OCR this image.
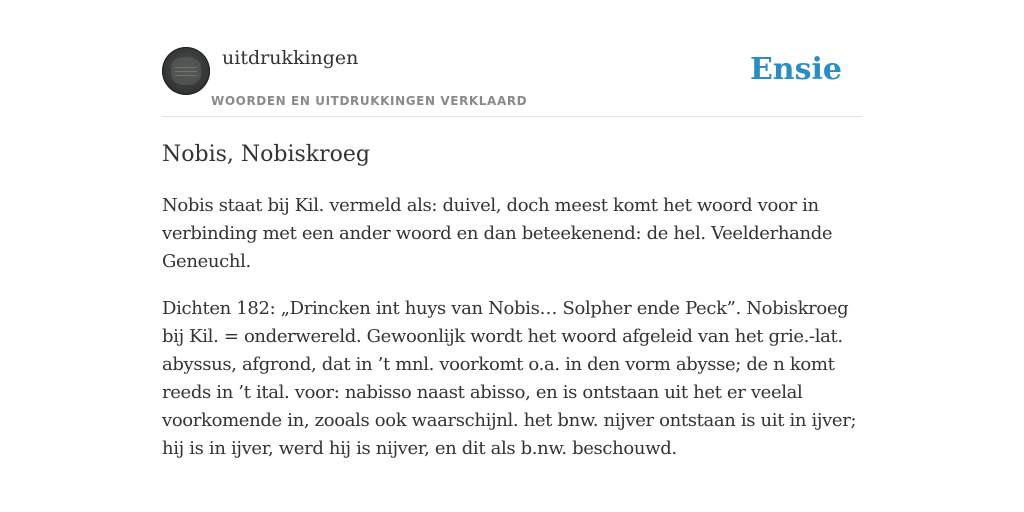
uitdrukkingen
WOORDEN EN UITDRUKKINGEN VERKLAARD
Ensie
Nobis, Nobiskroeg

Nobis staat bij Kil. vermeld als: duivel, doch meest komt het woord voor in verbinding met een ander woord en dan beteekenend: de hel. Veelderhande Geneuchl.

Dichten 182: „Drincken int huys van Nobis… Solpher ende Peck”. Nobiskroeg bij Kil. = onderwereld. Gewoonlijk wordt het woord afgeleid van het grie.-lat. abyssus, afgrond, dat in ’t mnl. voorkomt o.a. in den vorm abysse; de n komt reeds in ’t ital. voor: nabisso naast abisso, en is ontstaan uit het er veelal voorkomende in, zooals ook waarschijnl. het bnw. nijver ontstaan is uit in ijver; hij is in ijver, werd hij is nijver, en dit als b.nw. beschouwd.
